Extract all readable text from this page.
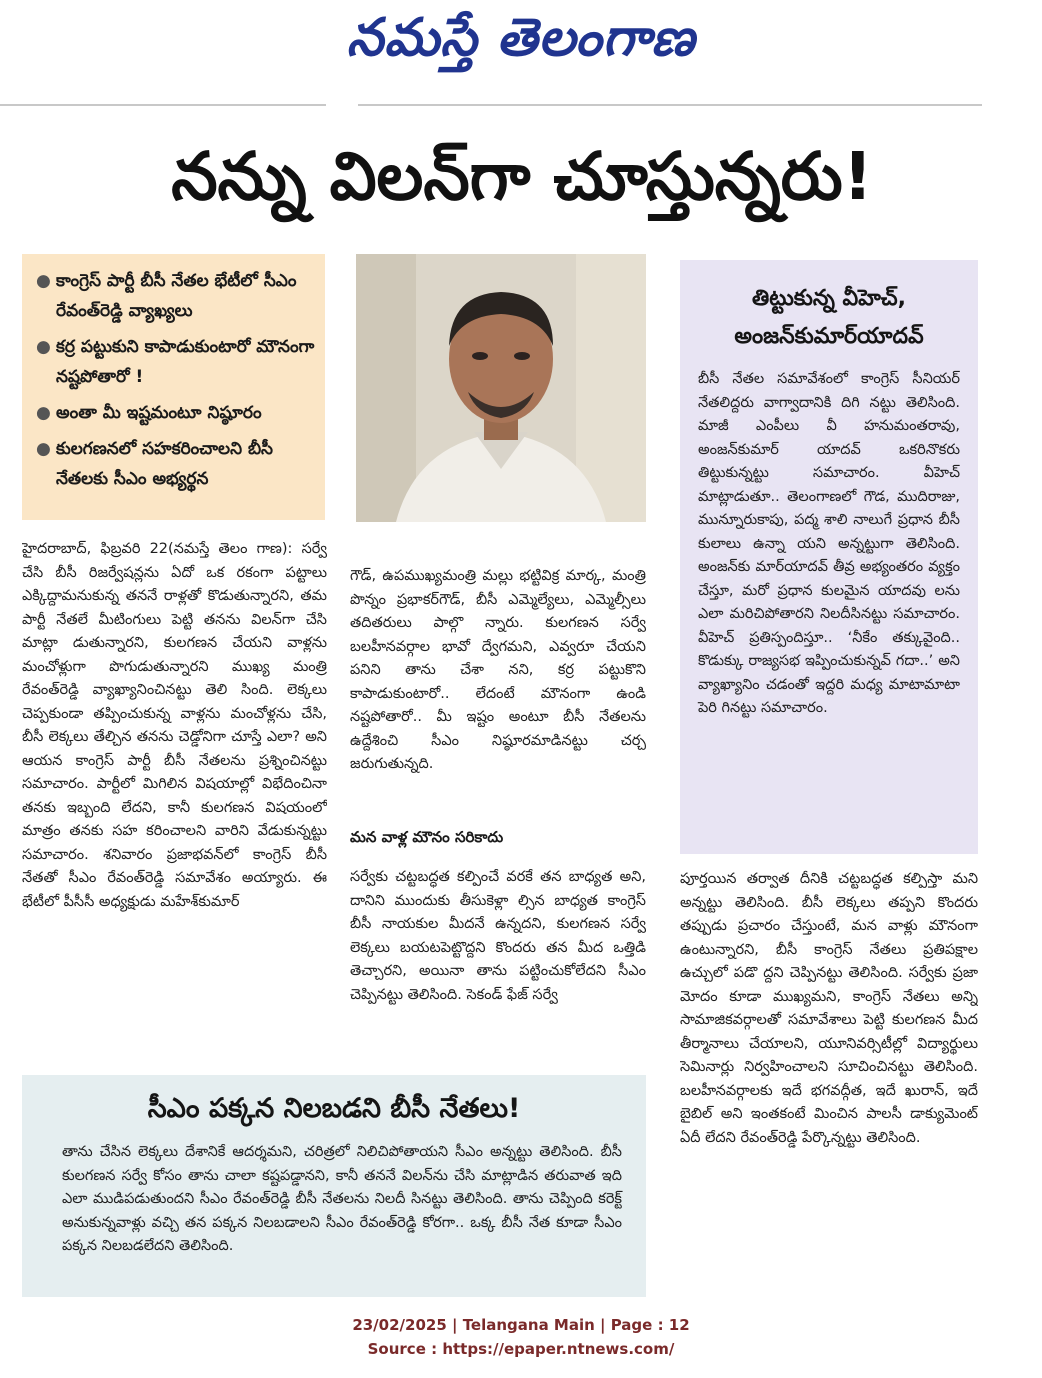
నమస్తే తెలంగాణ
నన్ను విలన్‌గా చూస్తున్నరు!
● కాంగ్రెస్ పార్టీ బీసీ నేతల భేటీలో సీఎం రేవంత్‌రెడ్డి వ్యాఖ్యలు
● కర్ర పట్టుకుని కాపాడుకుంటారో మౌనంగా నష్టపోతారో !
● అంతా మీ ఇష్టమంటూ నిష్ఠూరం
● కులగణనలో సహకరించాలని బీసీ నేతలకు సీఎం అభ్యర్థన
తిట్టుకున్న వీహెచ్,
అంజన్‌కుమార్‌యాదవ్
బీసీ నేతల సమావేశంలో కాంగ్రెస్ సీనియర్ నేతలిద్దరు వాగ్వాదానికి దిగి నట్టు తెలిసింది. మాజీ ఎంపీలు వీ హనుమంతరావు, అంజన్‌కుమార్ యాదవ్ ఒకరినొకరు తిట్టుకున్నట్టు సమాచారం. వీహెచ్ మాట్లాడుతూ.. తెలంగాణలో గౌడ, ముదిరాజు, మున్నూరుకాపు, పద్మ శాలి నాలుగే ప్రధాన బీసీ కులాలు ఉన్నా యని అన్నట్టుగా తెలిసింది. అంజన్‌కు మార్‌యాదవ్ తీవ్ర అభ్యంతరం వ్యక్తం చేస్తూ, మరో ప్రధాన కులమైన యాదవు లను ఎలా మరిచిపోతారని నిలదీసినట్టు సమాచారం. వీహెచ్ ప్రతిస్పందిస్తూ.. ‘నీకేం తక్కువైంది.. కొడుక్కు రాజ్యసభ ఇప్పించుకున్నవ్ గదా..’ అని వ్యాఖ్యానిం చడంతో ఇద్దరి మధ్య మాటామాటా పెరి గినట్టు సమాచారం.
హైదరాబాద్, ఫిబ్రవరి 22(నమస్తే తెలం గాణ): సర్వే చేసి బీసీ రిజర్వేషన్లను ఏదో ఒక రకంగా పట్టాలు ఎక్కిద్దామనుకున్న తననే రాళ్లతో కొడుతున్నారని, తమ పార్టీ నేతలే మీటింగులు పెట్టి తనను విలన్‌గా చేసి మాట్లా డుతున్నారని, కులగణన చేయని వాళ్లను మంచోళ్లుగా పొగుడుతున్నారని ముఖ్య మంత్రి రేవంత్‌రెడ్డి వ్యాఖ్యానించినట్టు తెలి సింది. లెక్కలు చెప్పకుండా తప్పించుకున్న వాళ్లను మంచోళ్లను చేసి, బీసీ లెక్కలు తేల్చిన తనను చెడ్డోనిగా చూస్తే ఎలా? అని ఆయన కాంగ్రెస్ పార్టీ బీసీ నేతలను ప్రశ్నించినట్టు సమాచారం. పార్టీలో మిగిలిన విషయాల్లో విభేదించినా తనకు ఇబ్బంది లేదని, కానీ కులగణన విషయంలో మాత్రం తనకు సహ కరించాలని వారిని వేడుకున్నట్టు సమాచారం. శనివారం ప్రజాభవన్‌లో కాంగ్రెస్ బీసీ నేతతో సీఎం రేవంత్‌రెడ్డి సమావేశం అయ్యారు. ఈ భేటీలో పీసీసీ అధ్యక్షుడు మహేశ్‌కుమార్
గౌడ్, ఉపముఖ్యమంత్రి మల్లు భట్టివిక్ర మార్క, మంత్రి పొన్నం ప్రభాకర్‌గౌడ్, బీసీ ఎమ్మెల్యేలు, ఎమ్మెల్సీలు తదితరులు పాల్గొ న్నారు. కులగణన సర్వే బలహీనవర్గాల భావో ద్వేగమని, ఎవ్వరూ చేయని పనిని తాను చేశా నని, కర్ర పట్టుకొని కాపాడుకుంటారో.. లేదంటే మౌనంగా ఉండి నష్టపోతారో.. మీ ఇష్టం అంటూ బీసీ నేతలను ఉద్దేశించి సీఎం నిష్ఠూరమాడినట్టు చర్చ జరుగుతున్నది.
మన వాళ్ల మౌనం సరికాదు
సర్వేకు చట్టబద్ధత కల్పించే వరకే తన బాధ్యత అని, దానిని ముందుకు తీసుకెళ్లా ల్సిన బాధ్యత కాంగ్రెస్ బీసీ నాయకుల మీదనే ఉన్నదని, కులగణన సర్వే లెక్కలు బయటపెట్టొద్దని కొందరు తన మీద ఒత్తిడి తెచ్చారని, అయినా తాను పట్టించుకోలేదని సీఎం చెప్పినట్టు తెలిసింది. సెకండ్ ఫేజ్ సర్వే
పూర్తయిన తర్వాత దీనికి చట్టబద్ధత కల్పిస్తా మని అన్నట్టు తెలిసింది. బీసీ లెక్కలు తప్పని కొందరు తప్పుడు ప్రచారం చేస్తుంటే, మన వాళ్లు మౌనంగా ఉంటున్నారని, బీసీ కాంగ్రెస్ నేతలు ప్రతిపక్షాల ఉచ్చులో పడొ ద్దని చెప్పినట్టు తెలిసింది. సర్వేకు ప్రజా మోదం కూడా ముఖ్యమని, కాంగ్రెస్ నేతలు అన్ని సామాజికవర్గాలతో సమావేశాలు పెట్టి కులగణన మీద తీర్మానాలు చేయాలని, యూనివర్సిటీల్లో విద్యార్థులు సెమినార్లు నిర్వహించాలని సూచించినట్టు తెలిసింది. బలహీనవర్గాలకు ఇదే భగవద్గీత, ఇదే ఖురాన్, ఇదే బైబిల్ అని ఇంతకంటే మించిన పాలసీ డాక్యుమెంట్ ఏదీ లేదని రేవంత్‌రెడ్డి పేర్కొన్నట్టు తెలిసింది.
సీఎం పక్కన నిలబడని బీసీ నేతలు!
తాను చేసిన లెక్కలు దేశానికే ఆదర్శమని, చరిత్రలో నిలిచిపోతాయని సీఎం అన్నట్టు తెలిసింది. బీసీ కులగణన సర్వే కోసం తాను చాలా కష్టపడ్డానని, కానీ తననే విలన్‌ను చేసి మాట్లాడిన తరువాత ఇది ఎలా ముడిపడుతుందని సీఎం రేవంత్‌రెడ్డి బీసీ నేతలను నిలదీ సినట్టు తెలిసింది. తాను చెప్పింది కరెక్ట్ అనుకున్నవాళ్లు వచ్చి తన పక్కన నిలబడాలని సీఎం రేవంత్‌రెడ్డి కోరగా.. ఒక్క బీసీ నేత కూడా సీఎం పక్కన నిలబడలేదని తెలిసింది.
23/02/2025 | Telangana Main | Page : 12
Source : https://epaper.ntnews.com/
